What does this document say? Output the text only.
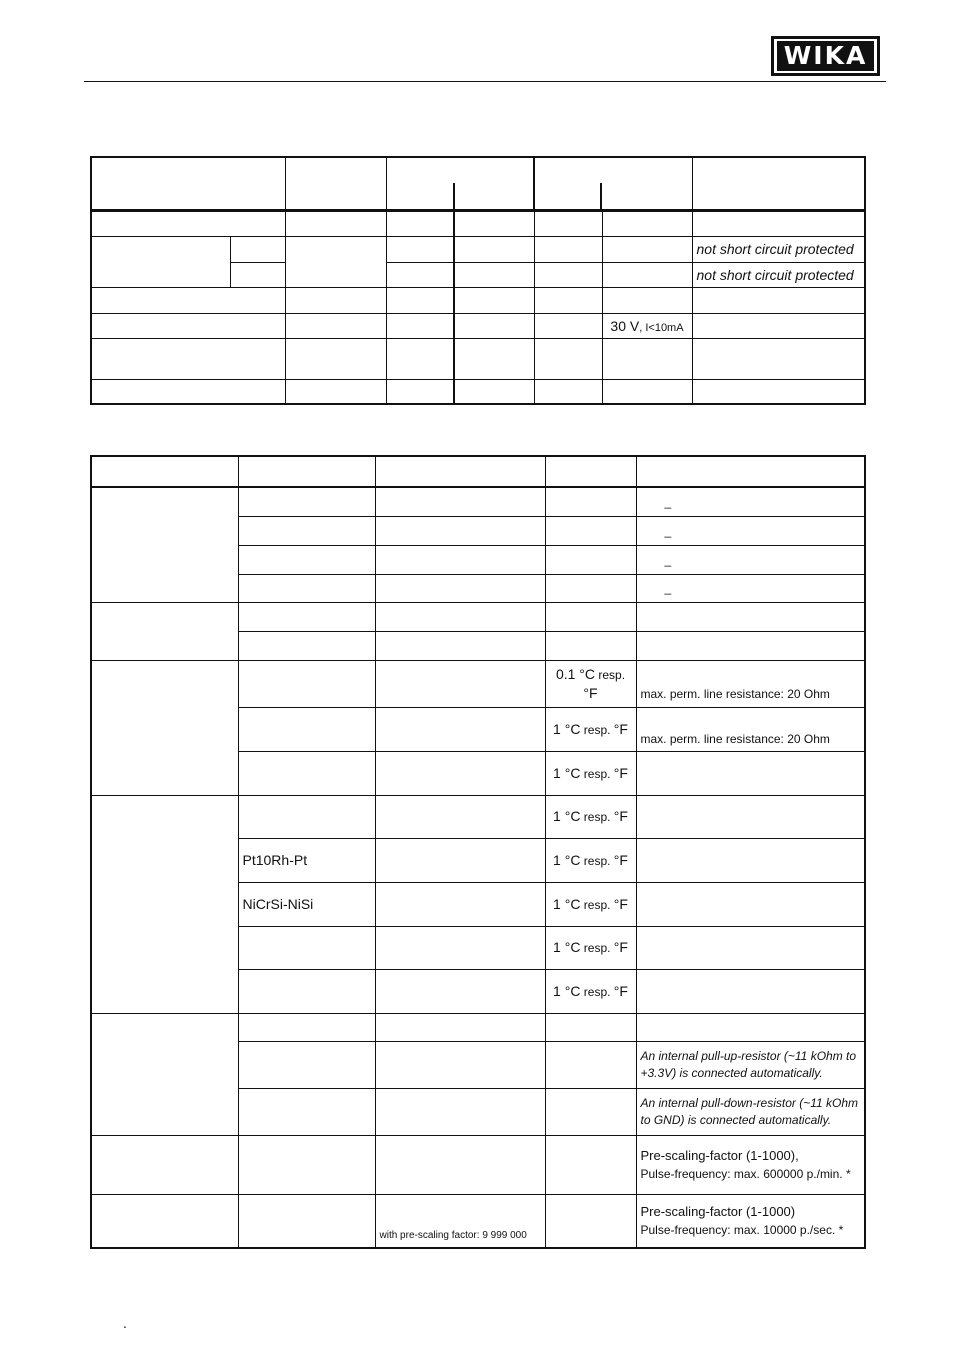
WIKA

							not short circuit protected
							not short circuit protected

						30 V, I<10mA	

				_
				_
				_
				_

			0.1 °C resp.
°F	max. perm. line resistance: 20 Ohm
			1 °C resp. °F	max. perm. line resistance: 20 Ohm
			1 °C resp. °F	
			1 °C resp. °F	
	Pt10Rh-Pt		1 °C resp. °F	
	NiCrSi-NiSi		1 °C resp. °F	
			1 °C resp. °F	
			1 °C resp. °F	

				An internal pull-up-resistor (~11 kOhm to +3.3V) is connected automatically.
				An internal pull-down-resistor (~11 kOhm to GND) is connected automatically.
				Pre-scaling-factor (1-1000),
Pulse-frequency: max. 600000 p./min. *
		with pre-scaling factor: 9 999 000		Pre-scaling-factor (1-1000)
Pulse-frequency: max. 10000 p./sec. *
.
